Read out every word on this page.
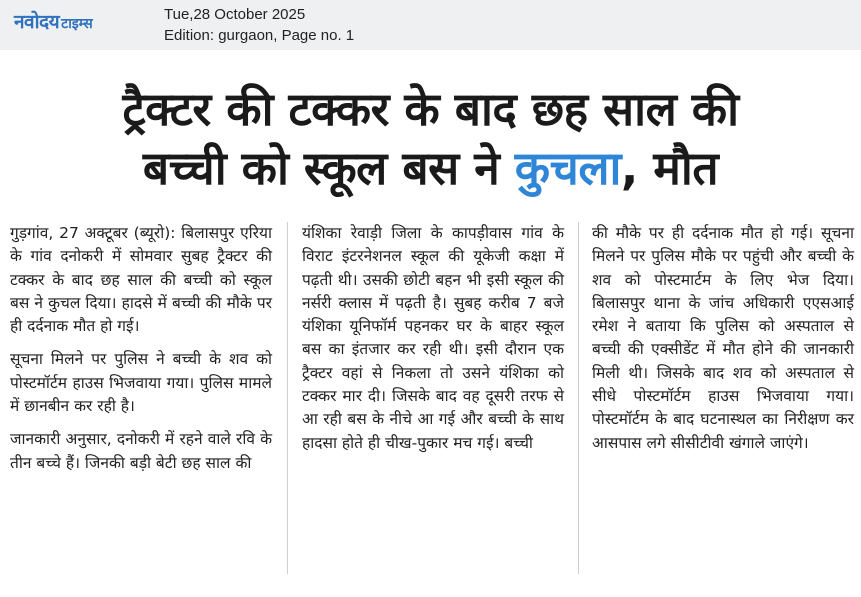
नवोदय टाइम्स
Tue,28 October 2025
Edition: gurgaon, Page no. 1
ट्रैक्टर की टक्कर के बाद छह साल की
बच्ची को स्कूल बस ने कुचला, मौत

गुड़गांव, 27 अक्टूबर (ब्यूरो): बिलासपुर एरिया के गांव दनोकरी में सोमवार सुबह ट्रैक्टर की टक्कर के बाद छह साल की बच्ची को स्कूल बस ने कुचल दिया। हादसे में बच्ची की मौके पर ही दर्दनाक मौत हो गई।

सूचना मिलने पर पुलिस ने बच्ची के शव को पोस्टमॉर्टम हाउस भिजवाया गया। पुलिस मामले में छानबीन कर रही है।

जानकारी अनुसार, दनोकरी में रहने वाले रवि के तीन बच्चे हैं। जिनकी बड़ी बेटी छह साल की

यंशिका रेवाड़ी जिला के कापड़ीवास गांव के विराट इंटरनेशनल स्कूल की यूकेजी कक्षा में पढ़ती थी। उसकी छोटी बहन भी इसी स्कूल की नर्सरी क्लास में पढ़ती है। सुबह करीब 7 बजे यंशिका यूनिफॉर्म पहनकर घर के बाहर स्कूल बस का इंतजार कर रही थी। इसी दौरान एक ट्रैक्टर वहां से निकला तो उसने यंशिका को टक्कर मार दी। जिसके बाद वह दूसरी तरफ से आ रही बस के नीचे आ गई और बच्ची के साथ हादसा होते ही चीख-पुकार मच गई। बच्ची

की मौके पर ही दर्दनाक मौत हो गई। सूचना मिलने पर पुलिस मौके पर पहुंची और बच्ची के शव को पोस्टमार्टम के लिए भेज दिया। बिलासपुर थाना के जांच अधिकारी एएसआई रमेश ने बताया कि पुलिस को अस्पताल से बच्ची की एक्सीडेंट में मौत होने की जानकारी मिली थी। जिसके बाद शव को अस्पताल से सीधे पोस्टमॉर्टम हाउस भिजवाया गया। पोस्टमॉर्टम के बाद घटनास्थल का निरीक्षण कर आसपास लगे सीसीटीवी खंगाले जाएंगे।
